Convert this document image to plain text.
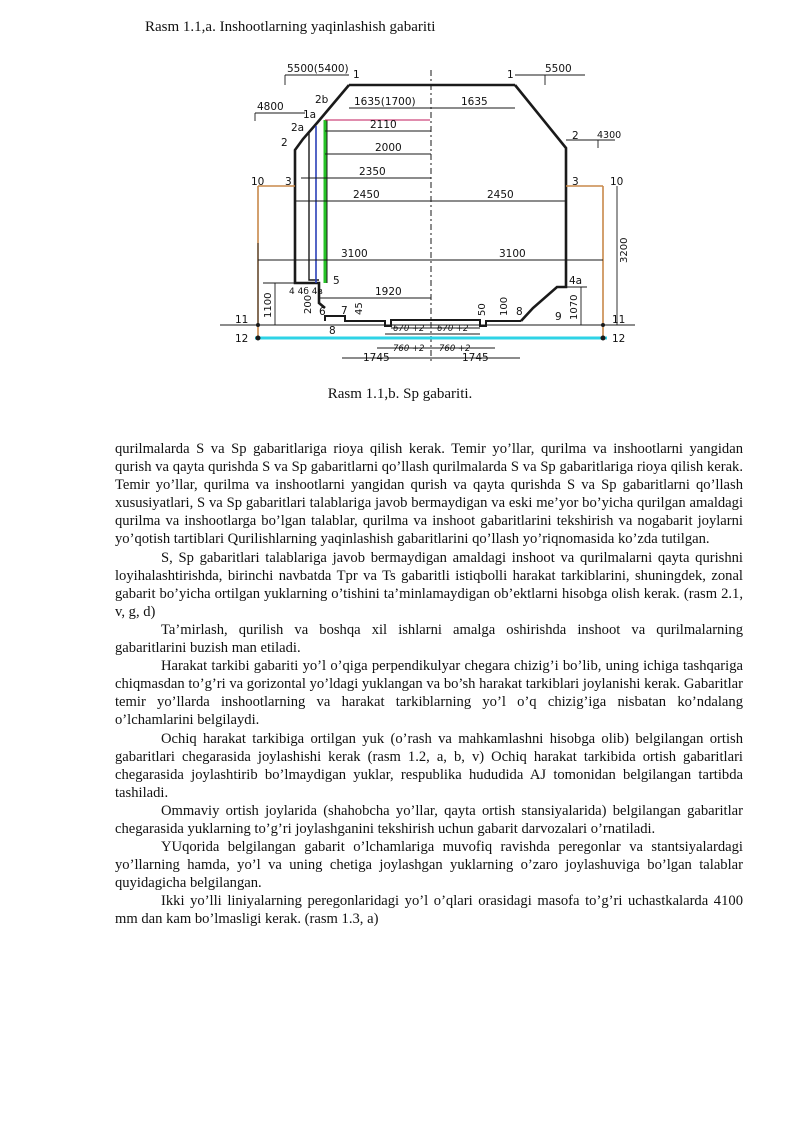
Rasm 1.1,a. Inshootlarning yaqinlashish gabariti
5500(5400)	5500
4800
4300
1635(1700)	1635
2110
2000
2350
2450	2450
3100	3100
1920
1745	1745
670 +2 670 +2
760 +2 760 +2
3200
1100	1070
200	45	50 100
1	1
2b
1a
2a
2
2
10	10
3	3
5	4a
4 4б 4в
6 7
8
8	9
11	11
12	12
Rasm 1.1,b. Sp gabariti.

qurilmalarda S va Sp gabaritlariga rioya qilish kerak. Temir yo’llar, qurilma va inshootlarni yangidan qurish va qayta qurishda S va Sp gabaritlarni qo’llash qurilmalarda S va Sp gabaritlariga rioya qilish kerak. Temir yo’llar, qurilma va inshootlarni yangidan qurish va qayta qurishda S va Sp gabaritlarni qo’llash xususiyatlari, S va Sp gabaritlari talablariga javob bermaydigan va eski me’yor bo’yicha qurilgan amaldagi qurilma va inshootlarga bo’lgan talablar, qurilma va inshoot gabaritlarini tekshirish va nogabarit joylarni yo’qotish tartiblari Qurilishlarning yaqinlashish gabaritlarini qo’llash yo’riqnomasida ko’zda tutilgan.

S, Sp gabaritlari talablariga javob bermaydigan amaldagi inshoot va qurilmalarni qayta qurishni loyihalashtirishda, birinchi navbatda Tpr va Ts gabaritli istiqbolli harakat tarkiblarini, shuningdek, zonal gabarit bo’yicha ortilgan yuklarning o’tishini ta’minlamaydigan ob’ektlarni hisobga olish kerak. (rasm 2.1, v, g, d)

Ta’mirlash, qurilish va boshqa xil ishlarni amalga oshirishda inshoot va qurilmalarning gabaritlarini buzish man etiladi.

Harakat tarkibi gabariti yo’l o’qiga perpendikulyar chegara chizig’i bo’lib, uning ichiga tashqariga chiqmasdan to’g’ri va gorizontal yo’ldagi yuklangan va bo’sh harakat tarkiblari joylanishi kerak. Gabaritlar temir yo’llarda inshootlarning va harakat tarkiblarning yo’l o’q chizig’iga nisbatan ko’ndalang o’lchamlarini belgilaydi.

Ochiq harakat tarkibiga ortilgan yuk (o’rash va mahkamlashni hisobga olib) belgilangan ortish gabaritlari chegarasida joylashishi kerak (rasm 1.2, a, b, v) Ochiq harakat tarkibida ortish gabaritlari chegarasida joylashtirib bo’lmaydigan yuklar, respublika hududida AJ tomonidan belgilangan tartibda tashiladi.

Ommaviy ortish joylarida (shahobcha yo’llar, qayta ortish stansiyalarida) belgilangan gabaritlar chegarasida yuklarning to’g’ri joylashganini tekshirish uchun gabarit darvozalari o’rnatiladi.

YUqorida belgilangan gabarit o’lchamlariga muvofiq ravishda peregonlar va stantsiyalardagi yo’llarning hamda, yo’l va uning chetiga joylashgan yuklarning o’zaro joylashuviga bo’lgan talablar quyidagicha belgilangan.

Ikki yo’lli liniyalarning peregonlaridagi yo’l o’qlari orasidagi masofa to’g’ri uchastkalarda 4100 mm dan kam bo’lmasligi kerak. (rasm 1.3, a)
